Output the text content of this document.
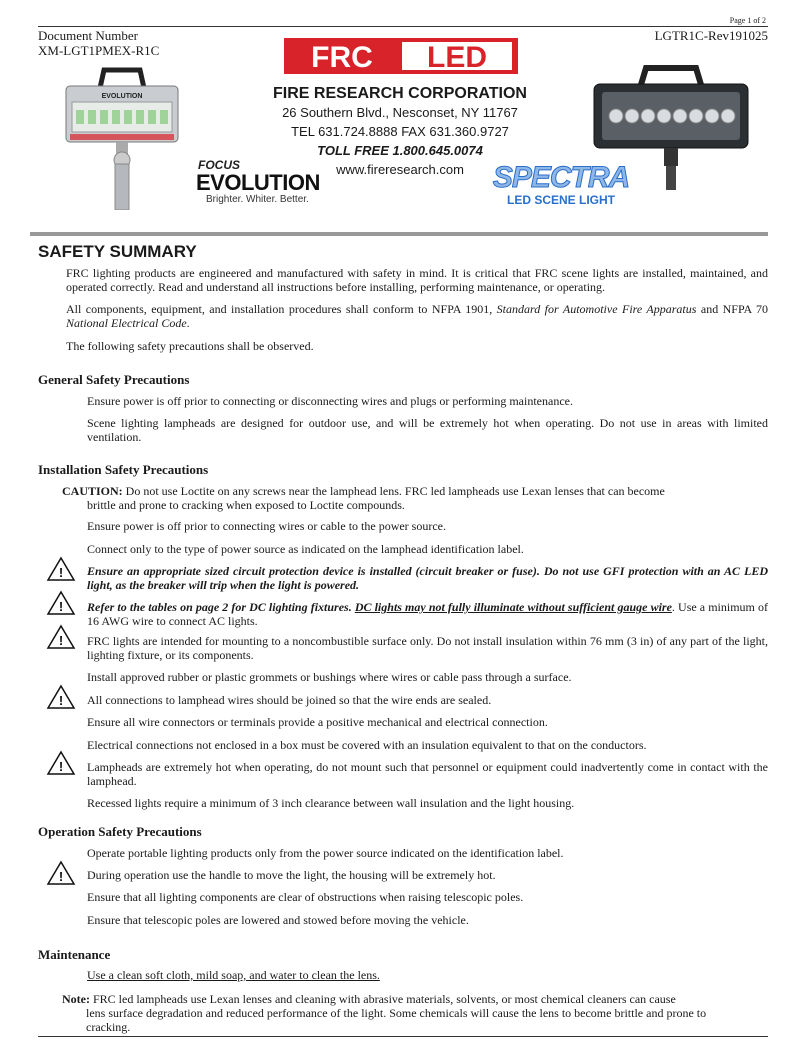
Page 1 of 2
Document Number
XM-LGT1PMEX-R1C
LGTR1C-Rev191025
FRC LED
FIRE RESEARCH CORPORATION
26 Southern Blvd., Nesconset, NY 11767
TEL 631.724.8888 FAX 631.360.9727
TOLL FREE 1.800.645.0074
www.fireresearch.com
EVOLUTION
FOCUS
EVOLUTION
Brighter. Whiter. Better.
SPECTRA
LED SCENE LIGHT
SAFETY SUMMARY
FRC lighting products are engineered and manufactured with safety in mind. It is critical that FRC scene lights are installed, maintained, and operated correctly. Read and understand all instructions before installing, performing maintenance, or operating.
All components, equipment, and installation procedures shall conform to NFPA 1901, Standard for Automotive Fire Apparatus and NFPA 70 National Electrical Code.
The following safety precautions shall be observed.
General Safety Precautions
Ensure power is off prior to connecting or disconnecting wires and plugs or performing maintenance.
Scene lighting lampheads are designed for outdoor use, and will be extremely hot when operating. Do not use in areas with limited ventilation.
Installation Safety Precautions
CAUTION: Do not use Loctite on any screws near the lamphead lens. FRC led lampheads use Lexan lenses that can become
brittle and prone to cracking when exposed to Loctite compounds.
Ensure power is off prior to connecting wires or cable to the power source.
Connect only to the type of power source as indicated on the lamphead identification label.
! Ensure an appropriate sized circuit protection device is installed (circuit breaker or fuse). Do not use GFI protection with an AC LED light, as the breaker will trip when the light is powered.
! Refer to the tables on page 2 for DC lighting fixtures. DC lights may not fully illuminate without sufficient gauge wire. Use a minimum of 16 AWG wire to connect AC lights.
! FRC lights are intended for mounting to a noncombustible surface only. Do not install insulation within 76 mm (3 in) of any part of the light, lighting fixture, or its components.
Install approved rubber or plastic grommets or bushings where wires or cable pass through a surface.
! All connections to lamphead wires should be joined so that the wire ends are sealed.
Ensure all wire connectors or terminals provide a positive mechanical and electrical connection.
Electrical connections not enclosed in a box must be covered with an insulation equivalent to that on the conductors.
! Lampheads are extremely hot when operating, do not mount such that personnel or equipment could inadvertently come in contact with the lamphead.
Recessed lights require a minimum of 3 inch clearance between wall insulation and the light housing.
Operation Safety Precautions
Operate portable lighting products only from the power source indicated on the identification label.
! During operation use the handle to move the light, the housing will be extremely hot.
Ensure that all lighting components are clear of obstructions when raising telescopic poles.
Ensure that telescopic poles are lowered and stowed before moving the vehicle.
Maintenance
Use a clean soft cloth, mild soap, and water to clean the lens.
Note: FRC led lampheads use Lexan lenses and cleaning with abrasive materials, solvents, or most chemical cleaners can cause
lens surface degradation and reduced performance of the light. Some chemicals will cause the lens to become brittle and prone to cracking.
